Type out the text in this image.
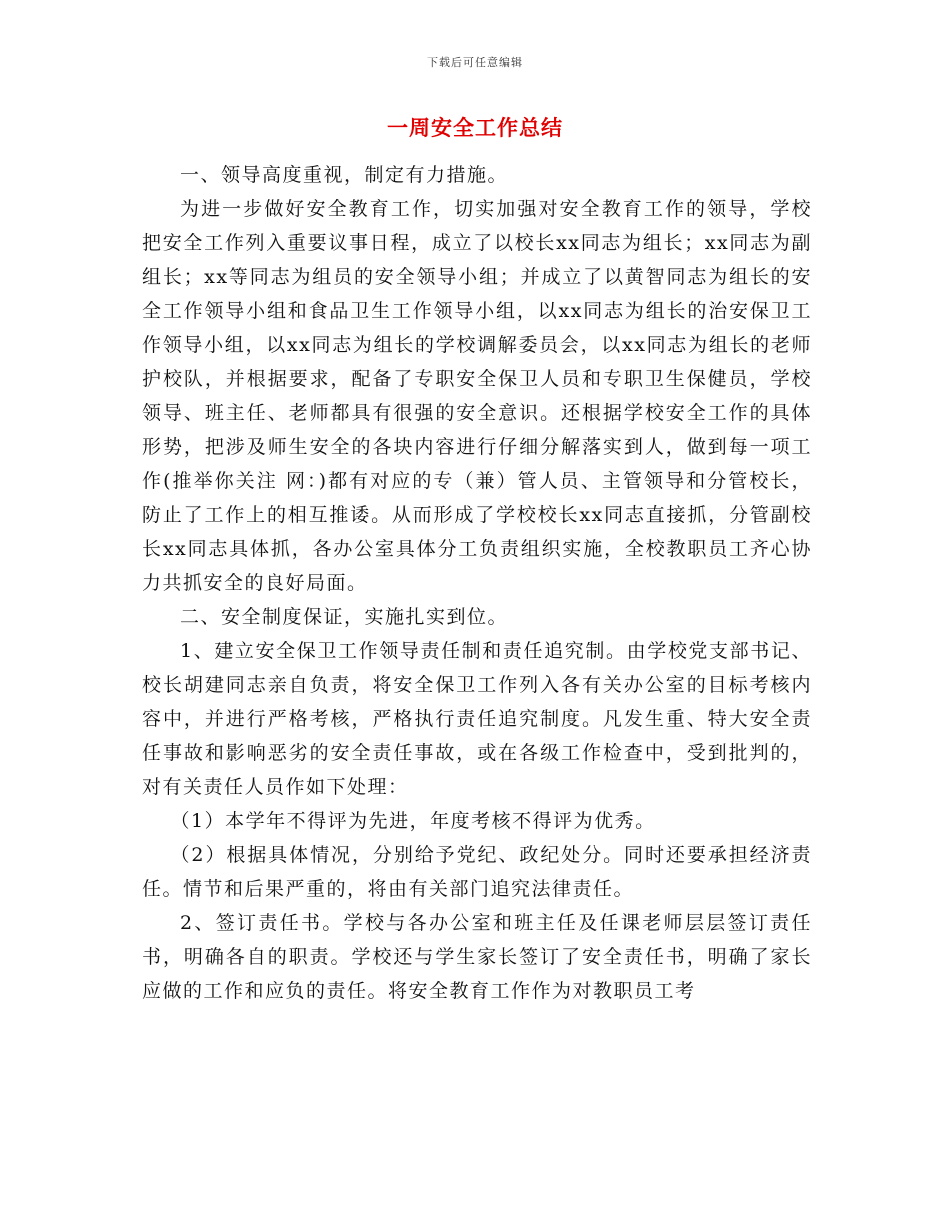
下载后可任意编辑
一周安全工作总结

一、领导高度重视，制定有力措施。

为进一步做好安全教育工作，切实加强对安全教育工作的领导，学校把安全工作列入重要议事日程，成立了以校长xx同志为组长；xx同志为副组长；xx等同志为组员的安全领导小组；并成立了以黄智同志为组长的安全工作领导小组和食品卫生工作领导小组，以xx同志为组长的治安保卫工作领导小组，以xx同志为组长的学校调解委员会，以xx同志为组长的老师护校队，并根据要求，配备了专职安全保卫人员和专职卫生保健员，学校领导、班主任、老师都具有很强的安全意识。还根据学校安全工作的具体形势，把涉及师生安全的各块内容进行仔细分解落实到人，做到每一项工作(推举你关注 网：)都有对应的专（兼）管人员、主管领导和分管校长，防止了工作上的相互推诿。从而形成了学校校长xx同志直接抓，分管副校长xx同志具体抓，各办公室具体分工负责组织实施，全校教职员工齐心协力共抓安全的良好局面。

二、安全制度保证，实施扎实到位。

1、建立安全保卫工作领导责任制和责任追究制。由学校党支部书记、校长胡建同志亲自负责，将安全保卫工作列入各有关办公室的目标考核内容中，并进行严格考核，严格执行责任追究制度。凡发生重、特大安全责任事故和影响恶劣的安全责任事故，或在各级工作检查中，受到批判的，对有关责任人员作如下处理：

（1）本学年不得评为先进，年度考核不得评为优秀。

（2）根据具体情况，分别给予党纪、政纪处分。同时还要承担经济责任。情节和后果严重的，将由有关部门追究法律责任。

2、签订责任书。学校与各办公室和班主任及任课老师层层签订责任书，明确各自的职责。学校还与学生家长签订了安全责任书，明确了家长应做的工作和应负的责任。将安全教育工作作为对教职员工考
